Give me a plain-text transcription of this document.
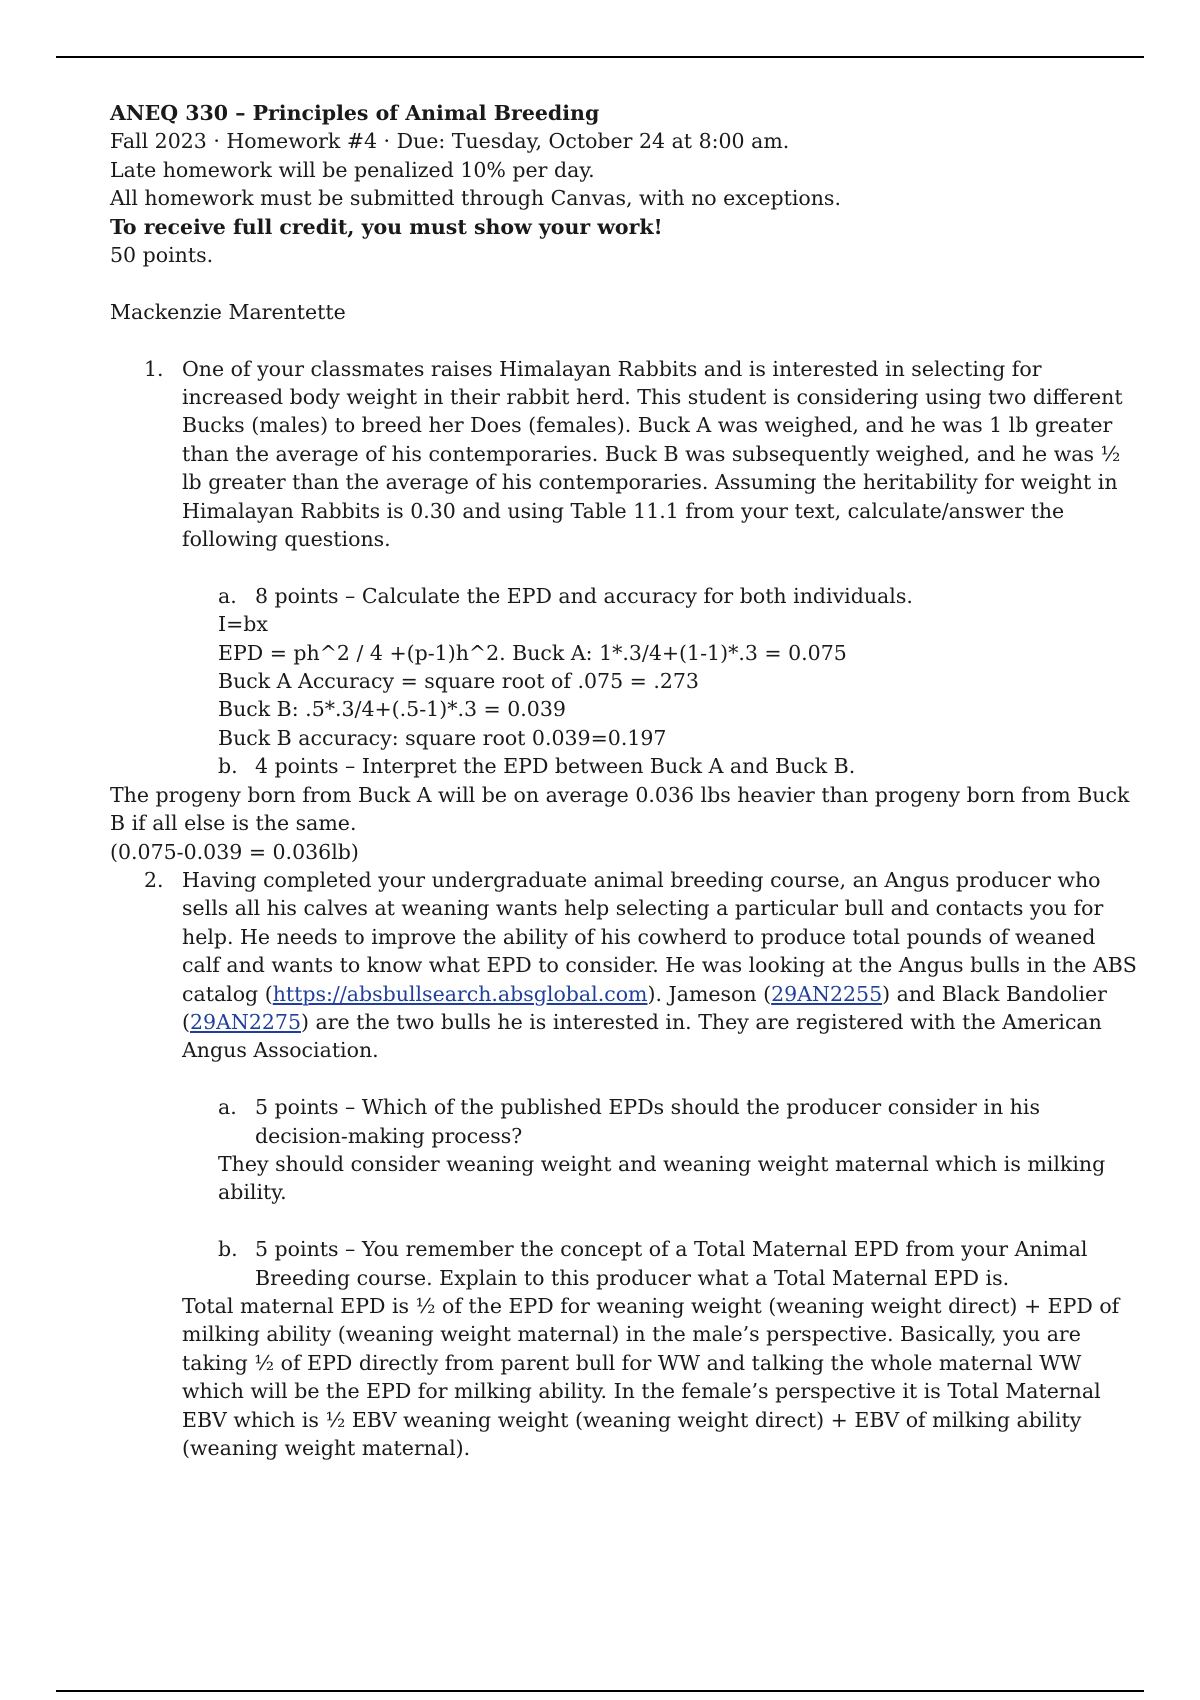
ANEQ 330 – Principles of Animal Breeding

Fall 2023 · Homework #4 · Due: Tuesday, October 24 at 8:00 am.

Late homework will be penalized 10% per day.

All homework must be submitted through Canvas, with no exceptions.

To receive full credit, you must show your work!

50 points.

Mackenzie Marentette

1. One of your classmates raises Himalayan Rabbits and is interested in selecting for

increased body weight in their rabbit herd. This student is considering using two different

Bucks (males) to breed her Does (females). Buck A was weighed, and he was 1 lb greater

than the average of his contemporaries. Buck B was subsequently weighed, and he was ½

lb greater than the average of his contemporaries. Assuming the heritability for weight in

Himalayan Rabbits is 0.30 and using Table 11.1 from your text, calculate/answer the

following questions.

a. 8 points – Calculate the EPD and accuracy for both individuals.

I=bx

EPD = ph^2 / 4 +(p-1)h^2. Buck A: 1*.3/4+(1-1)*.3 = 0.075

Buck A Accuracy = square root of .075 = .273

Buck B: .5*.3/4+(.5-1)*.3 = 0.039

Buck B accuracy: square root 0.039=0.197

b. 4 points – Interpret the EPD between Buck A and Buck B.

The progeny born from Buck A will be on average 0.036 lbs heavier than progeny born from Buck

B if all else is the same.

(0.075-0.039 = 0.036lb)

2. Having completed your undergraduate animal breeding course, an Angus producer who

sells all his calves at weaning wants help selecting a particular bull and contacts you for

help. He needs to improve the ability of his cowherd to produce total pounds of weaned

calf and wants to know what EPD to consider. He was looking at the Angus bulls in the ABS

catalog (https://absbullsearch.absglobal.com). Jameson (29AN2255) and Black Bandolier

(29AN2275) are the two bulls he is interested in. They are registered with the American

Angus Association.

a. 5 points – Which of the published EPDs should the producer consider in his

decision-making process?

They should consider weaning weight and weaning weight maternal which is milking

ability.

b. 5 points – You remember the concept of a Total Maternal EPD from your Animal

Breeding course. Explain to this producer what a Total Maternal EPD is.

Total maternal EPD is ½ of the EPD for weaning weight (weaning weight direct) + EPD of

milking ability (weaning weight maternal) in the male’s perspective. Basically, you are

taking ½ of EPD directly from parent bull for WW and talking the whole maternal WW

which will be the EPD for milking ability. In the female’s perspective it is Total Maternal

EBV which is ½ EBV weaning weight (weaning weight direct) + EBV of milking ability

(weaning weight maternal).
